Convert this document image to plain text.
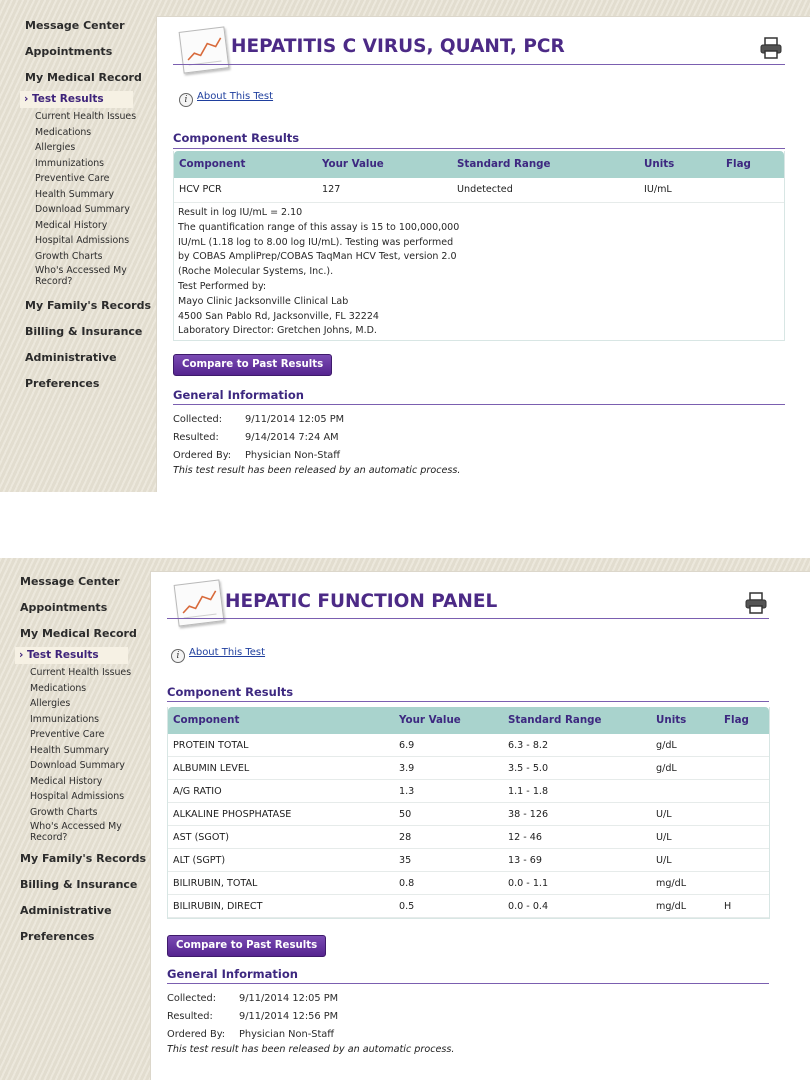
Message Center
Appointments
My Medical Record
› Test Results
Current Health Issues
Medications
Allergies
Immunizations
Preventive Care
Health Summary
Download Summary
Medical History
Hospital Admissions
Growth Charts
Who's Accessed My
Record?
My Family's Records
Billing & Insurance
Administrative
Preferences
HEPATITIS C VIRUS, QUANT, PCR
i About This Test
Component Results
Component	Your Value	Standard Range	Units	Flag
HCV PCR	127	Undetected	IU/mL
Result in log IU/mL = 2.10
The quantification range of this assay is 15 to 100,000,000
IU/mL (1.18 log to 8.00 log IU/mL). Testing was performed
by COBAS AmpliPrep/COBAS TaqMan HCV Test, version 2.0
(Roche Molecular Systems, Inc.).
Test Performed by:
Mayo Clinic Jacksonville Clinical Lab
4500 San Pablo Rd, Jacksonville, FL 32224
Laboratory Director: Gretchen Johns, M.D.
Compare to Past Results
General Information
Collected: 9/11/2014 12:05 PM
Resulted:	9/14/2014 7:24 AM
Ordered By: Physician Non-Staff
This test result has been released by an automatic process.
Message Center
Appointments
My Medical Record
› Test Results
Current Health Issues
Medications
Allergies
Immunizations
Preventive Care
Health Summary
Download Summary
Medical History
Hospital Admissions
Growth Charts
Who's Accessed My
Record?
My Family's Records
Billing & Insurance
Administrative
Preferences
HEPATIC FUNCTION PANEL
i About This Test
Component Results
Component	Your Value	Standard Range	Units	Flag
PROTEIN TOTAL	6.9	6.3 - 8.2	g/dL
ALBUMIN LEVEL	3.9	3.5 - 5.0	g/dL
A/G RATIO	1.3	1.1 - 1.8
ALKALINE PHOSPHATASE	50	38 - 126	U/L
AST (SGOT)	28	12 - 46	U/L
ALT (SGPT)	35	13 - 69	U/L
BILIRUBIN, TOTAL	0.8	0.0 - 1.1	mg/dL
BILIRUBIN, DIRECT	0.5	0.0 - 0.4	mg/dL	H
Compare to Past Results
General Information
Collected: 9/11/2014 12:05 PM
Resulted:	9/11/2014 12:56 PM
Ordered By: Physician Non-Staff
This test result has been released by an automatic process.
